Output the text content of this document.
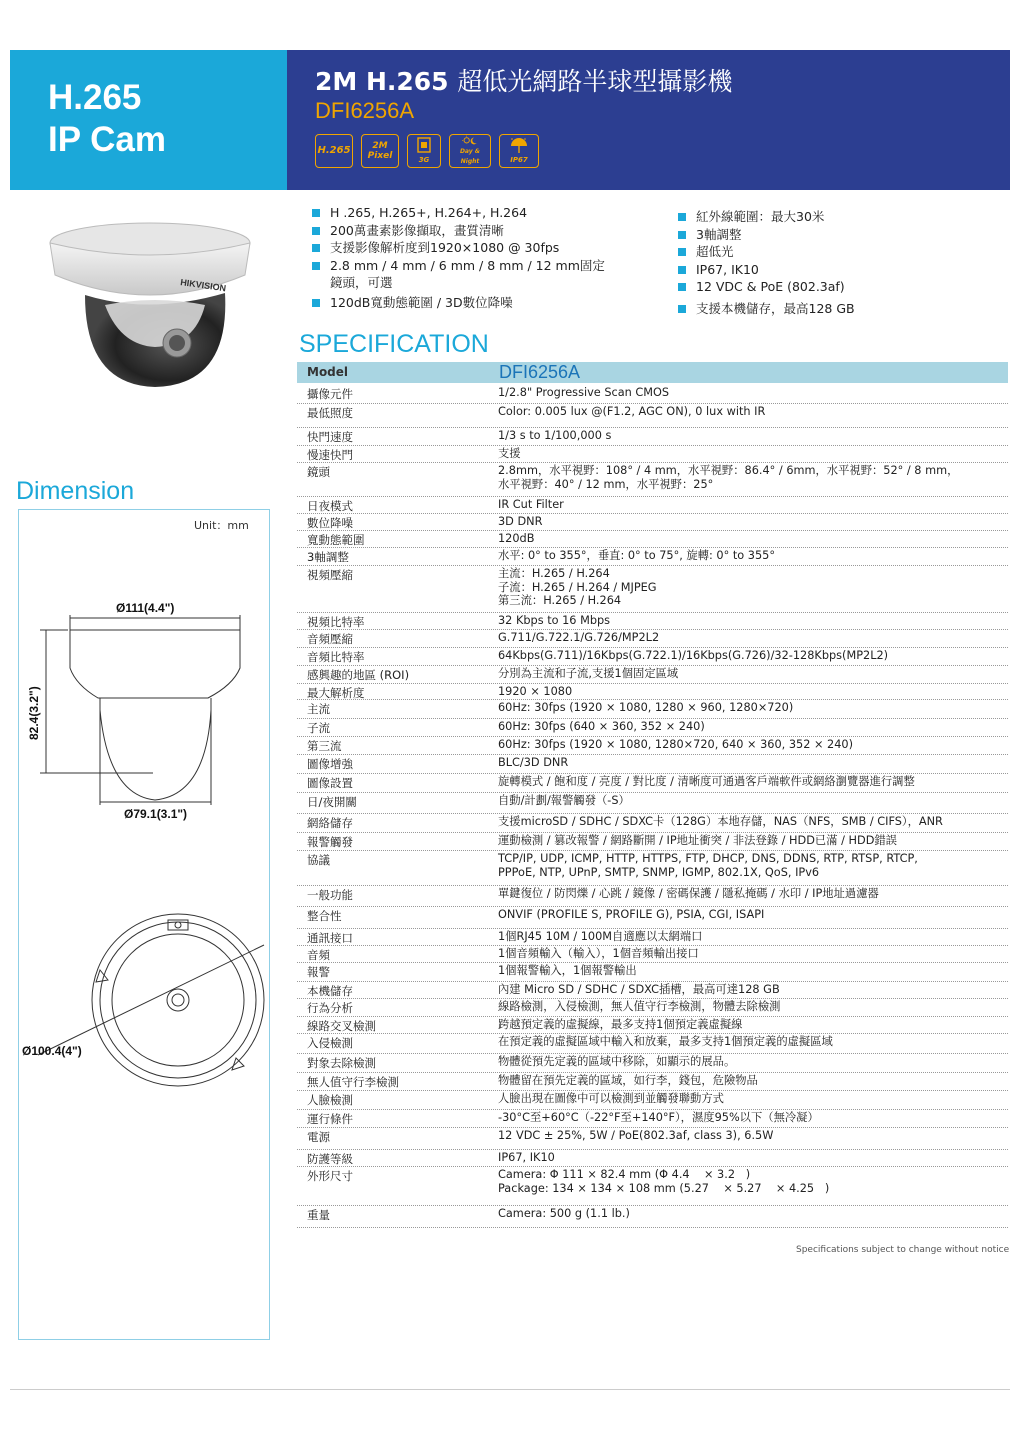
H.265
IP Cam
2M H.265 超低光網路半球型攝影機
DFI6256A
H.265	2M Pixel	3G
Day & Night	IP67
HIKVISION
H .265, H.265+, H.264+, H.264
200萬畫素影像擷取，畫質清晰
支援影像解析度到1920×1080 @ 30fps
2.8 mm / 4 mm / 6 mm / 8 mm / 12 mm固定
鏡頭，可選
120dB寬動態範圍 / 3D數位降噪
紅外線範圍：最大30米
3軸調整
超低光
IP67, IK10
12 VDC & PoE (802.3af)
支援本機儲存，最高128 GB
SPECIFICATION
Model	DFI6256A
攝像元件	1/2.8" Progressive Scan CMOS
最低照度	Color: 0.005 lux @(F1.2, AGC ON), 0 lux with IR
快門速度	1/3 s to 1/100,000 s
慢速快門	支援
鏡頭	2.8mm，水平視野：108° / 4 mm，水平視野：86.4° / 6mm，水平視野：52° / 8 mm，
水平視野：40° / 12 mm，水平視野：25°
日夜模式	IR Cut Filter
數位降噪	3D DNR
寬動態範圍	120dB
3軸調整	水平: 0° to 355°，垂直: 0° to 75°, 旋轉: 0° to 355°
視頻壓縮	主流：H.265 / H.264
子流：H.265 / H.264 / MJPEG
第三流：H.265 / H.264
視頻比特率	32 Kbps to 16 Mbps
音頻壓縮	G.711/G.722.1/G.726/MP2L2
音頻比特率	64Kbps(G.711)/16Kbps(G.722.1)/16Kbps(G.726)/32-128Kbps(MP2L2)
感興趣的地區 (ROI)	分別為主流和子流,支援1個固定區域
最大解析度	1920 × 1080
主流	60Hz: 30fps (1920 × 1080, 1280 × 960, 1280×720)
子流	60Hz: 30fps (640 × 360, 352 × 240)
第三流	60Hz: 30fps (1920 × 1080, 1280×720, 640 × 360, 352 × 240)
圖像增強	BLC/3D DNR
圖像設置	旋轉模式 / 飽和度 / 亮度 / 對比度 / 清晰度可通過客戶端軟件或網絡瀏覽器進行調整
日/夜開關	自動/計劃/報警觸發（-S）
網絡儲存	支援microSD / SDHC / SDXC卡（128G）本地存儲，NAS（NFS，SMB / CIFS），ANR
報警觸發	運動檢測 / 篡改報警 / 網路斷開 / IP地址衝突 / 非法登錄 / HDD已滿 / HDD錯誤
協議	TCP/IP, UDP, ICMP, HTTP, HTTPS, FTP, DHCP, DNS, DDNS, RTP, RTSP, RTCP,
PPPoE, NTP, UPnP, SMTP, SNMP, IGMP, 802.1X, QoS, IPv6
一般功能	單鍵復位 / 防閃爍 / 心跳 / 鏡像 / 密碼保護 / 隱私掩碼 / 水印 / IP地址過濾器
整合性	ONVIF (PROFILE S, PROFILE G), PSIA, CGI, ISAPI
通訊接口	1個RJ45 10M / 100M自適應以太網端口
音頻	1個音頻輸入（輸入），1個音頻輸出接口
報警	1個報警輸入，1個報警輸出
本機儲存	內建 Micro SD / SDHC / SDXC插槽，最高可達128 GB
行為分析	線路檢測，入侵檢測，無人值守行李檢測，物體去除檢測
線路交叉檢測	跨越預定義的虛擬線，最多支持1個預定義虛擬線
入侵檢測	在預定義的虛擬區域中輸入和放棄，最多支持1個預定義的虛擬區域
對象去除檢測	物體從預先定義的區域中移除，如顯示的展品。
無人值守行李檢測	物體留在預先定義的區域，如行李，錢包，危險物品
人臉檢測	人臉出現在圖像中可以檢測到並觸發聯動方式
運行條件	-30°C至+60°C（-22°F至+140°F），濕度95%以下（無冷凝）
電源	12 VDC ± 25%, 5W / PoE(802.3af, class 3), 6.5W
防護等級	IP67, IK10
外形尺寸	Camera: Φ 111 × 82.4 mm (Φ 4.4    × 3.2   )
Package: 134 × 134 × 108 mm (5.27    × 5.27    × 4.25   )
重量	Camera: 500 g (1.1 lb.)
Specifications subject to change without notice
Dimension
Unit：mm
Ø111(4.4")
Ø79.1(3.1")
82.4(3.2")
Ø100.4(4")
